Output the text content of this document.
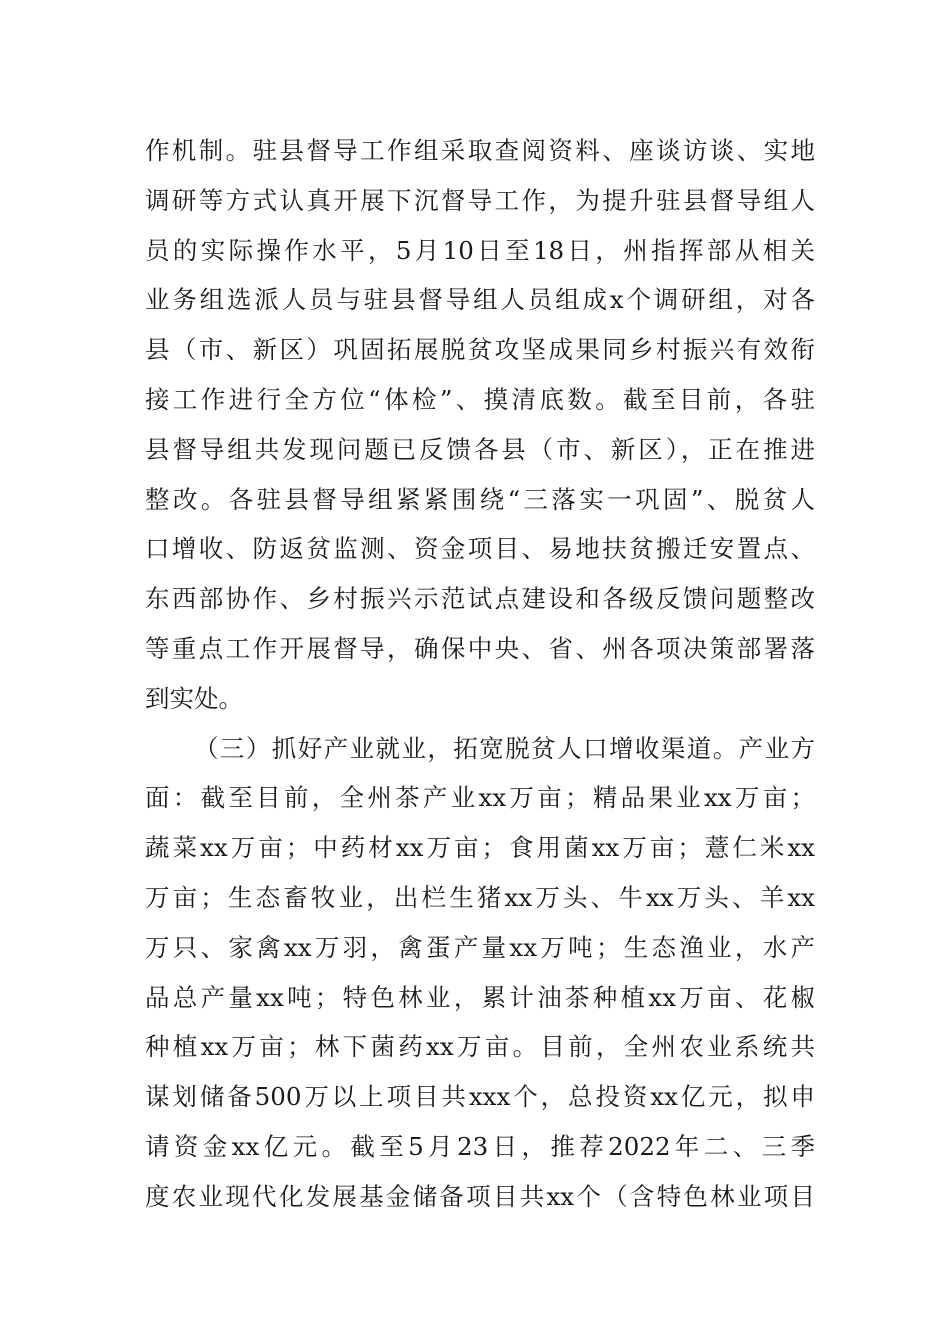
作机制。驻县督导工作组采取查阅资料、座谈访谈、实地
调研等方式认真开展下沉督导工作，为提升驻县督导组人
员的实际操作水平，5月10日至18日，州指挥部从相关
业务组选派人员与驻县督导组人员组成x个调研组，对各
县（市、新区）巩固拓展脱贫攻坚成果同乡村振兴有效衔
接工作进行全方位“体检”、摸清底数。截至目前，各驻
县督导组共发现问题已反馈各县（市、新区），正在推进
整改。各驻县督导组紧紧围绕“三落实一巩固”、脱贫人
口增收、防返贫监测、资金项目、易地扶贫搬迁安置点、
东西部协作、乡村振兴示范试点建设和各级反馈问题整改
等重点工作开展督导，确保中央、省、州各项决策部署落
到实处。
（三）抓好产业就业，拓宽脱贫人口增收渠道。产业方
面：截至目前，全州茶产业xx万亩；精品果业xx万亩；
蔬菜xx万亩；中药材xx万亩；食用菌xx万亩；薏仁米xx
万亩；生态畜牧业，出栏生猪xx万头、牛xx万头、羊xx
万只、家禽xx万羽，禽蛋产量xx万吨；生态渔业，水产
品总产量xx吨；特色林业，累计油茶种植xx万亩、花椒
种植xx万亩；林下菌药xx万亩。目前，全州农业系统共
谋划储备500万以上项目共xxx个，总投资xx亿元，拟申
请资金xx亿元。截至5月23日，推荐2022年二、三季
度农业现代化发展基金储备项目共xx个（含特色林业项目
